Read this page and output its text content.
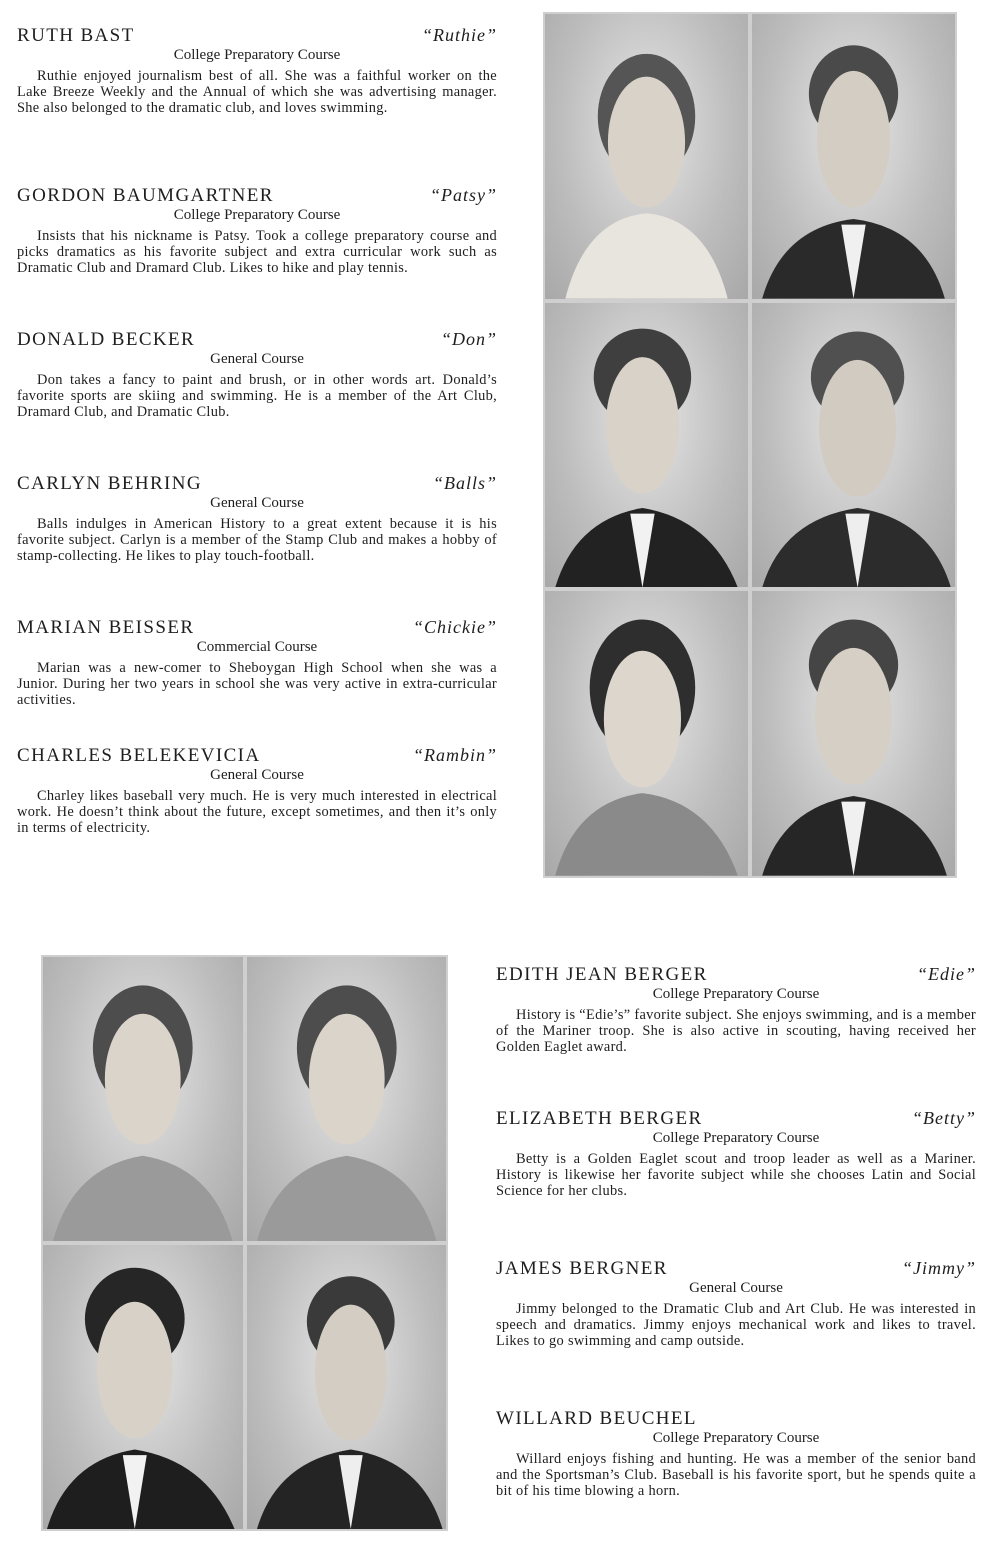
RUTH BAST	“Ruthie”
College Preparatory Course

Ruthie enjoyed journalism best of all. She was a faithful worker on the Lake Breeze Weekly and the Annual of which she was advertising manager. She also belonged to the dramatic club, and loves swimming.

GORDON BAUMGARTNER	“Patsy”
College Preparatory Course

Insists that his nickname is Patsy. Took a college preparatory course and picks dramatics as his favorite subject and extra curricular work such as Dramatic Club and Dramard Club. Likes to hike and play tennis.

DONALD BECKER	“Don”
General Course

Don takes a fancy to paint and brush, or in other words art. Donald’s favorite sports are skiing and swimming. He is a member of the Art Club, Dramard Club, and Dramatic Club.

CARLYN BEHRING	“Balls”
General Course

Balls indulges in American History to a great extent because it is his favorite subject. Carlyn is a member of the Stamp Club and makes a hobby of stamp-collecting. He likes to play touch-football.

MARIAN BEISSER	“Chickie”
Commercial Course

Marian was a new-comer to Sheboygan High School when she was a Junior. During her two years in school she was very active in extra-curricular activities.

CHARLES BELEKEVICIA	“Rambin”
General Course

Charley likes baseball very much. He is very much interested in electrical work. He doesn’t think about the future, except sometimes, and then it’s only in terms of electricity.

EDITH JEAN BERGER	“Edie”
College Preparatory Course

History is “Edie’s” favorite subject. She enjoys swimming, and is a member of the Mariner troop. She is also active in scouting, having received her Golden Eaglet award.

ELIZABETH BERGER	“Betty”
College Preparatory Course

Betty is a Golden Eaglet scout and troop leader as well as a Mariner. History is likewise her favorite subject while she chooses Latin and Social Science for her clubs.

JAMES BERGNER	“Jimmy”
General Course

Jimmy belonged to the Dramatic Club and Art Club. He was interested in speech and dramatics. Jimmy enjoys mechanical work and likes to travel. Likes to go swimming and camp outside.

WILLARD BEUCHEL
College Preparatory Course

Willard enjoys fishing and hunting. He was a member of the senior band and the Sportsman’s Club. Baseball is his favorite sport, but he spends quite a bit of his time blowing a horn.
